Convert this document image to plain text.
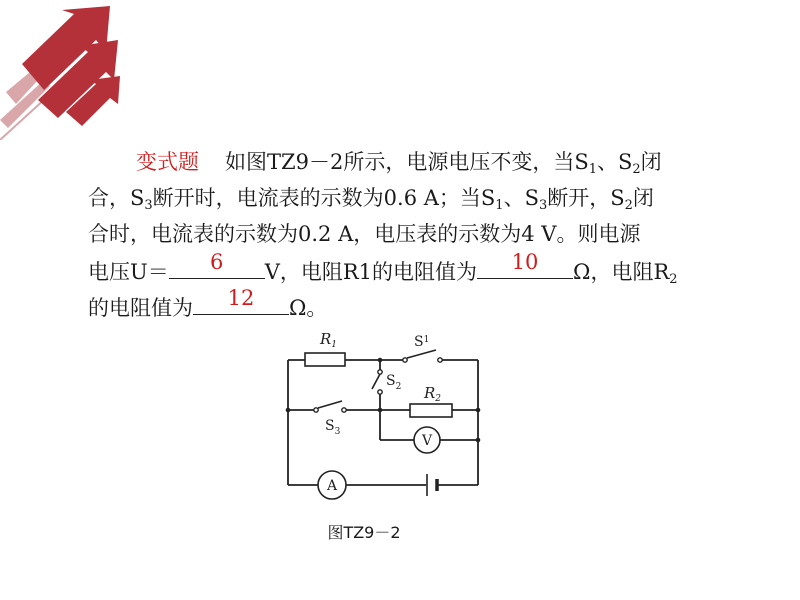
变式题 如图TZ9－2所示，电源电压不变，当$S_1$、$S_2$闭
合，$S_3$断开时，电流表的示数为0.6 A；当$S_1$、$S_3$断开，$S_2$闭
合时，电流表的示数为0.2 A，电压表的示数为4 V。则电源
电压U＝	6	V，电阻R1的电阻值为	10	Ω，电阻$R_2$
的电阻值为	12	Ω。
$R_1$
$R_2$
$S^1$
$S_2$
$S_3$
V
A
图TZ9－2
